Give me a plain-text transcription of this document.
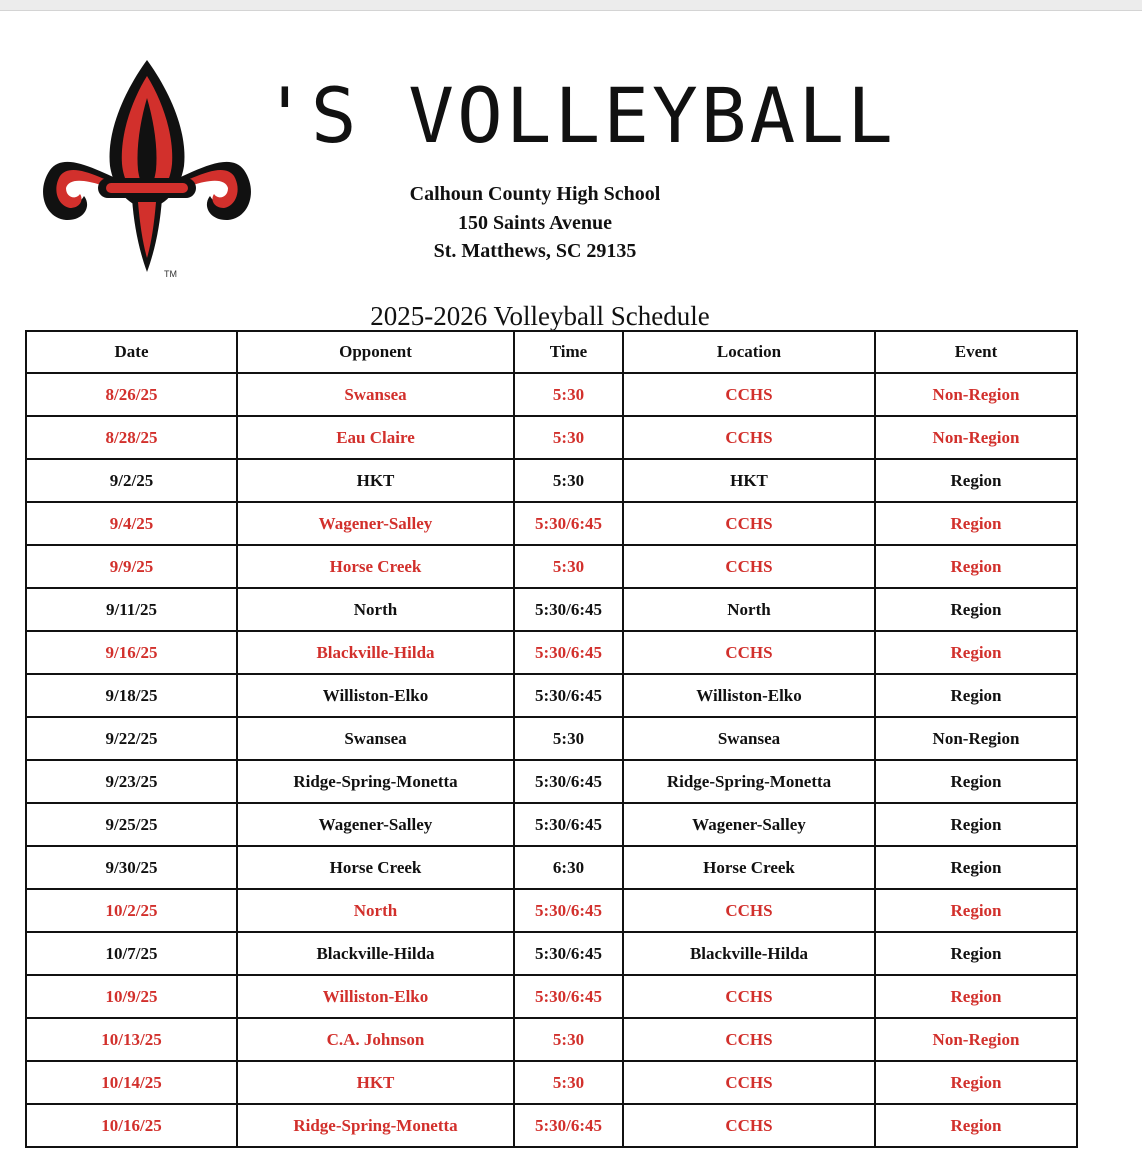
TM
'S VOLLEYBALL
Calhoun County High School
150 Saints Avenue
St. Matthews, SC 29135
2025-2026 Volleyball Schedule
Date	Opponent	Time	Location	Event
8/26/25	Swansea	5:30	CCHS	Non-Region
8/28/25	Eau Claire	5:30	CCHS	Non-Region
9/2/25	HKT	5:30	HKT	Region
9/4/25	Wagener-Salley	5:30/6:45	CCHS	Region
9/9/25	Horse Creek	5:30	CCHS	Region
9/11/25	North	5:30/6:45	North	Region
9/16/25	Blackville-Hilda	5:30/6:45	CCHS	Region
9/18/25	Williston-Elko	5:30/6:45	Williston-Elko	Region
9/22/25	Swansea	5:30	Swansea	Non-Region
9/23/25	Ridge-Spring-Monetta	5:30/6:45	Ridge-Spring-Monetta	Region
9/25/25	Wagener-Salley	5:30/6:45	Wagener-Salley	Region
9/30/25	Horse Creek	6:30	Horse Creek	Region
10/2/25	North	5:30/6:45	CCHS	Region
10/7/25	Blackville-Hilda	5:30/6:45	Blackville-Hilda	Region
10/9/25	Williston-Elko	5:30/6:45	CCHS	Region
10/13/25	C.A. Johnson	5:30	CCHS	Non-Region
10/14/25	HKT	5:30	CCHS	Region
10/16/25	Ridge-Spring-Monetta	5:30/6:45	CCHS	Region
